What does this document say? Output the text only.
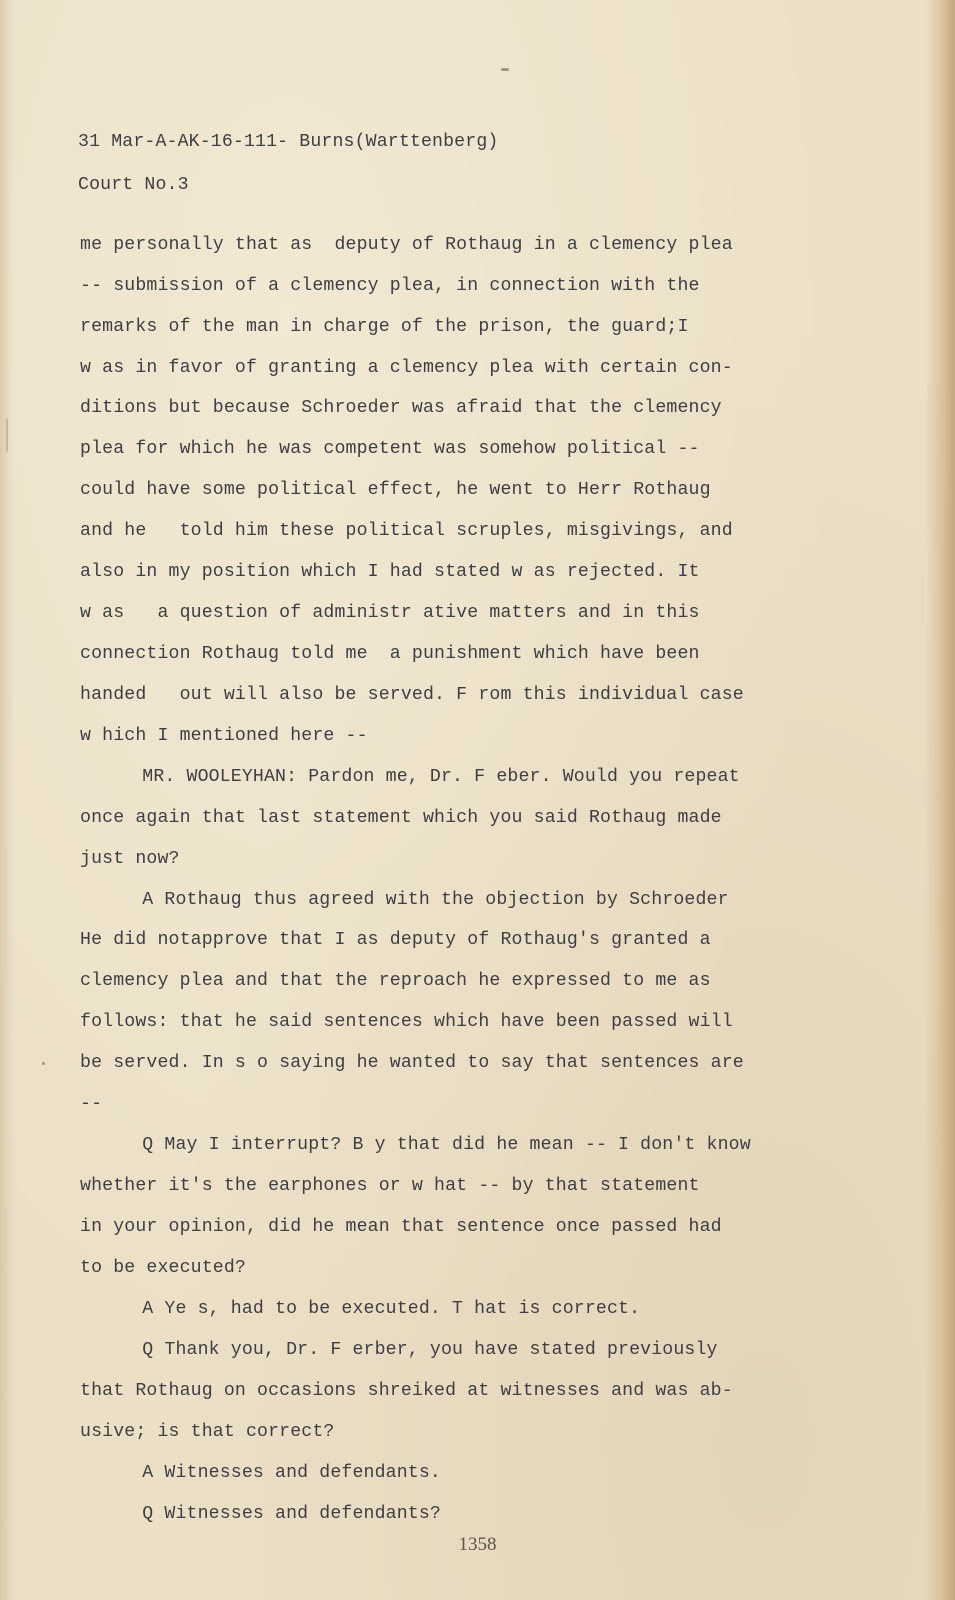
31 Mar-A-AK-16-111- Burns(Warttenberg)
Court No.3
me personally that as  deputy of Rothaug in a clemency plea
-- submission of a clemency plea, in connection with the
remarks of the man in charge of the prison, the guard;I
w as in favor of granting a clemency plea with certain con-
ditions but because Schroeder was afraid that the clemency
plea for which he was competent was somehow political --
could have some political effect, he went to Herr Rothaug
and he   told him these political scruples, misgivings, and
also in my position which I had stated w as rejected. It
w as   a question of administr ative matters and in this
connection Rothaug told me  a punishment which have been
handed   out will also be served. F rom this individual case
w hich I mentioned here --
MR. WOOLEYHAN: Pardon me, Dr. F eber. Would you repeat
once again that last statement which you said Rothaug made
just now?
A Rothaug thus agreed with the objection by Schroeder
He did notapprove that I as deputy of Rothaug's granted a
clemency plea and that the reproach he expressed to me as
follows: that he said sentences which have been passed will
be served. In s o saying he wanted to say that sentences are
--
Q May I interrupt? B y that did he mean -- I don't know
whether it's the earphones or w hat -- by that statement
in your opinion, did he mean that sentence once passed had
to be executed?
A Ye s, had to be executed. T hat is correct.
Q Thank you, Dr. F erber, you have stated previously
that Rothaug on occasions shreiked at witnesses and was ab-
usive; is that correct?
A Witnesses and defendants.
Q Witnesses and defendants?
1358
